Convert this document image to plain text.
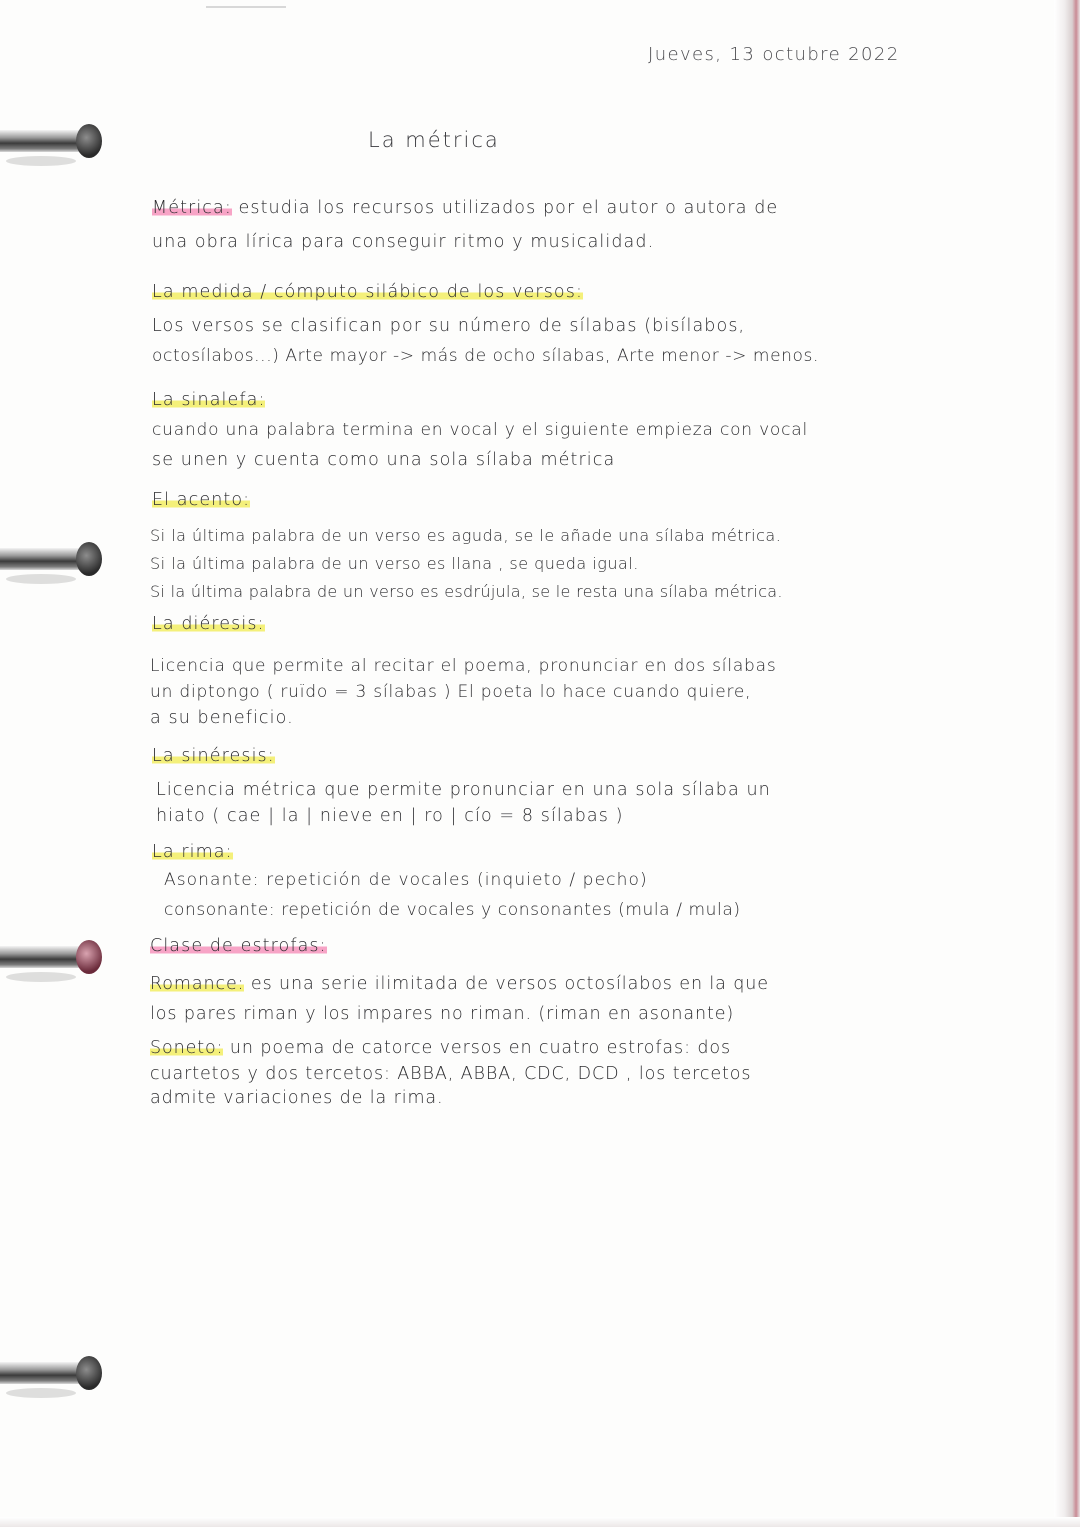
Jueves, 13 octubre 2022

La métrica

Métrica: estudia los recursos utilizados por el autor o autora de

una obra lírica para conseguir ritmo y musicalidad.

La medida / cómputo silábico de los versos:

Los versos se clasifican por su número de sílabas (bisílabos,

octosílabos...) Arte mayor -> más de ocho sílabas, Arte menor -> menos.

La sinalefa:

cuando una palabra termina en vocal y el siguiente empieza con vocal

se unen y cuenta como una sola sílaba métrica

El acento:

Si la última palabra de un verso es aguda, se le añade una sílaba métrica.

Si la última palabra de un verso es llana , se queda igual.

Si la última palabra de un verso es esdrújula, se le resta una sílaba métrica.

La diéresis:

Licencia que permite al recitar el poema, pronunciar en dos sílabas

un diptongo ( ruïdo = 3 sílabas ) El poeta lo hace cuando quiere,

a su beneficio.

La sinéresis:

Licencia métrica que permite pronunciar en una sola sílaba un

hiato ( cae | la | nieve en | ro | cío = 8 sílabas )

La rima:

Asonante: repetición de vocales (inquieto / pecho)

consonante: repetición de vocales y consonantes (mula / mula)

Clase de estrofas:

Romance: es una serie ilimitada de versos octosílabos en la que

los pares riman y los impares no riman. (riman en asonante)

Soneto: un poema de catorce versos en cuatro estrofas: dos

cuartetos y dos tercetos: ABBA, ABBA, CDC, DCD , los tercetos

admite variaciones de la rima.
